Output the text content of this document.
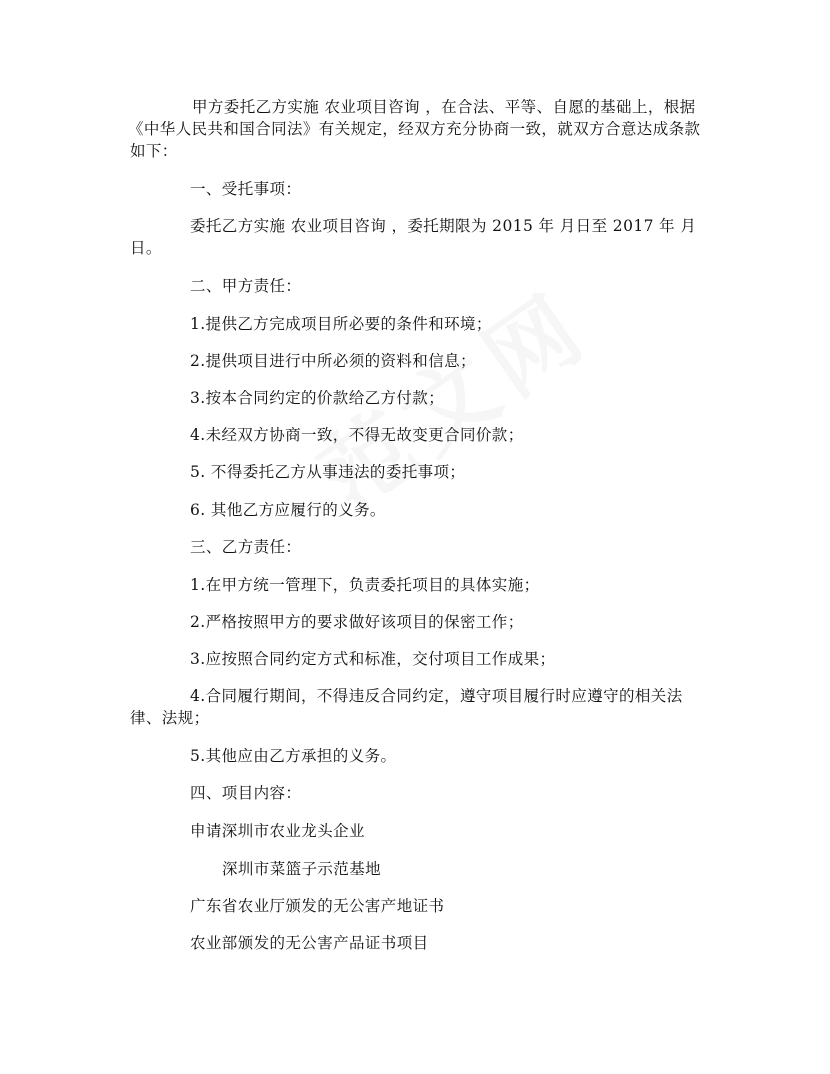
甲方委托乙方实施 农业项目咨询 ，在合法、平等、自愿的基础上，根据
《中华人民共和国合同法》有关规定，经双方充分协商一致，就双方合意达成条款
如下：

一、受托事项：

委托乙方实施 农业项目咨询 ，委托期限为 2015 年 月日至 2017 年 月
日。

二、甲方责任：

1.提供乙方完成项目所必要的条件和环境；

2.提供项目进行中所必须的资料和信息；

3.按本合同约定的价款给乙方付款；

4.未经双方协商一致，不得无故变更合同价款；

5. 不得委托乙方从事违法的委托事项；

6. 其他乙方应履行的义务。

三、乙方责任：

1.在甲方统一管理下，负责委托项目的具体实施；

2.严格按照甲方的要求做好该项目的保密工作；

3.应按照合同约定方式和标准，交付项目工作成果；

4.合同履行期间，不得违反合同约定，遵守项目履行时应遵守的相关法
律、法规；

5.其他应由乙方承担的义务。

四、项目内容：

申请深圳市农业龙头企业

深圳市菜篮子示范基地

广东省农业厅颁发的无公害产地证书

农业部颁发的无公害产品证书项目
